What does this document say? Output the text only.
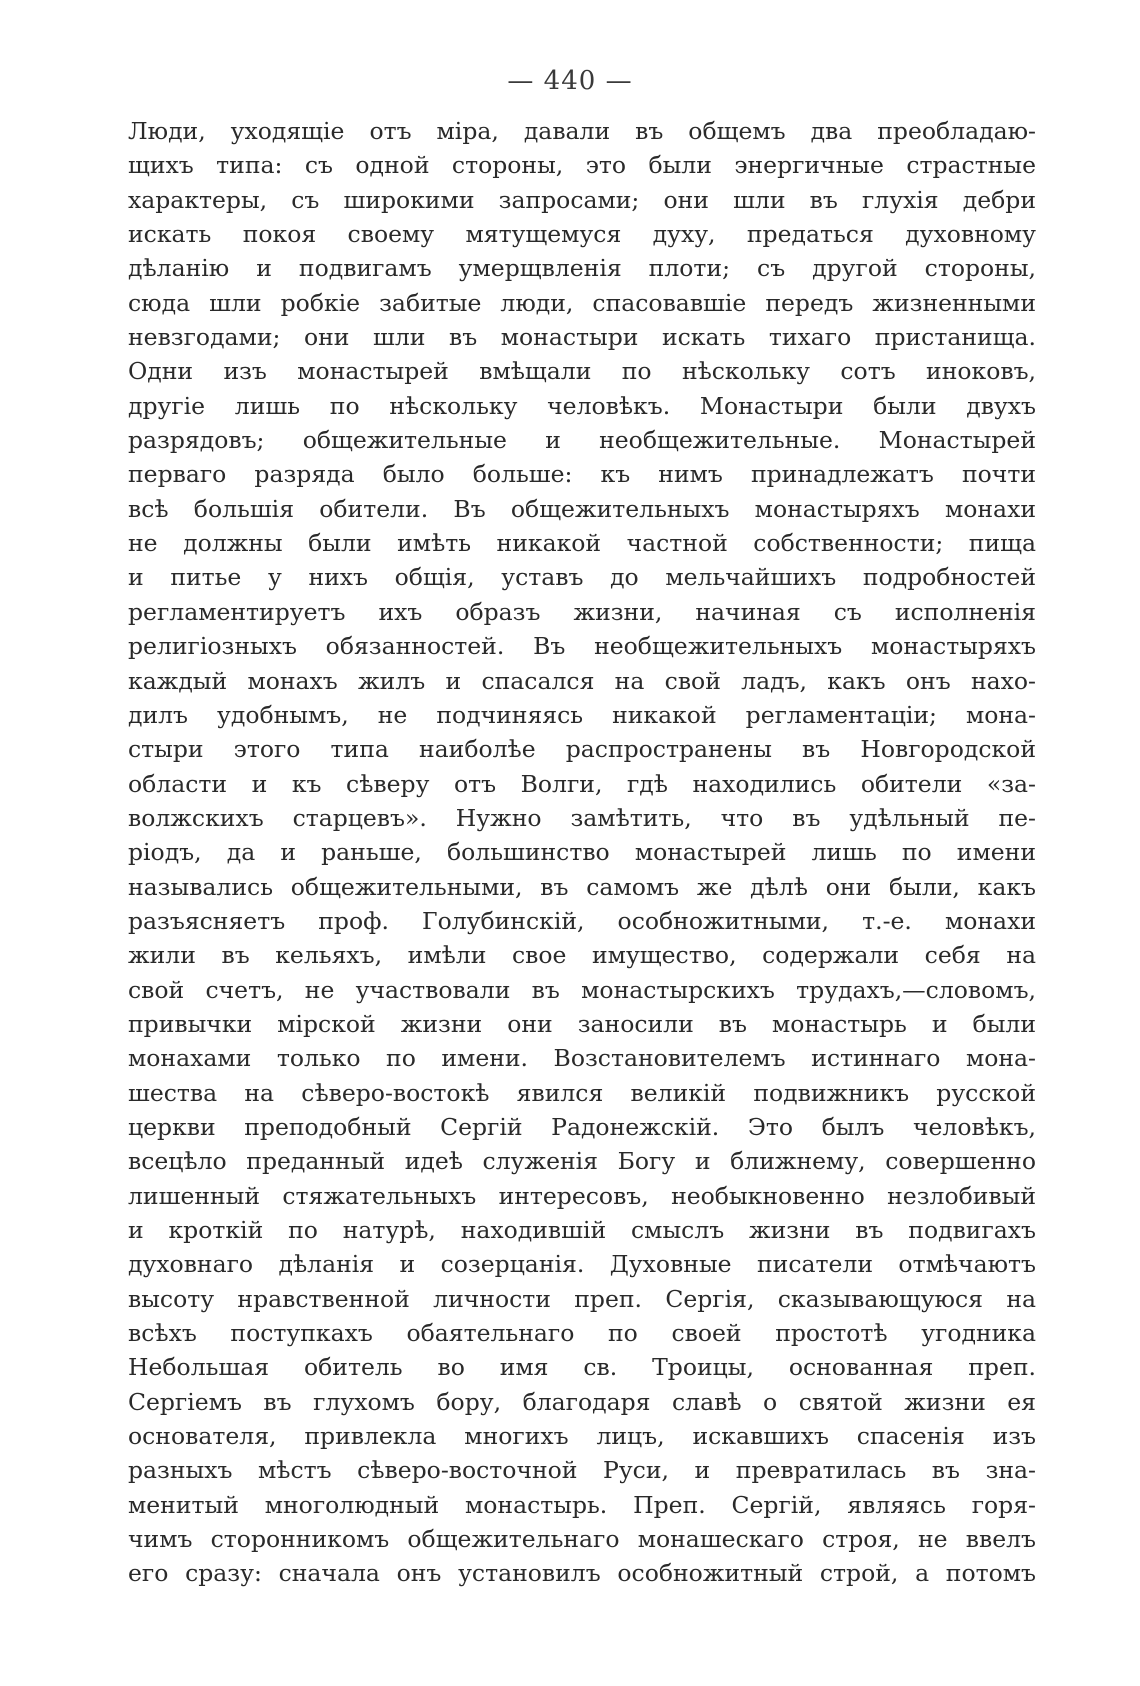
— 440 —
Люди, уходящіе отъ міра, давали въ общемъ два преобладаю-
щихъ типа: съ одной стороны, это были энергичные страстные
характеры, съ широкими запросами; они шли въ глухія дебри
искать покоя своему мятущемуся духу, предаться духовному
дѣланію и подвигамъ умерщвленія плоти; съ другой стороны,
сюда шли робкіе забитые люди, спасовавшіе передъ жизненными
невзгодами; они шли въ монастыри искать тихаго пристанища.
Одни изъ монастырей вмѣщали по нѣскольку сотъ иноковъ,
другіе лишь по нѣскольку человѣкъ. Монастыри были двухъ
разрядовъ; общежительные и необщежительные. Монастырей
перваго разряда было больше: къ нимъ принадлежатъ почти
всѣ большія обители. Въ общежительныхъ монастыряхъ монахи
не должны были имѣть никакой частной собственности; пища
и питье у нихъ общія, уставъ до мельчайшихъ подробностей
регламентируетъ ихъ образъ жизни, начиная съ исполненія
религіозныхъ обязанностей. Въ необщежительныхъ монастыряхъ
каждый монахъ жилъ и спасался на свой ладъ, какъ онъ нахо-
дилъ удобнымъ, не подчиняясь никакой регламентаціи; мона-
стыри этого типа наиболѣе распространены въ Новгородской
области и къ сѣверу отъ Волги, гдѣ находились обители «за-
волжскихъ старцевъ». Нужно замѣтить, что въ удѣльный пе-
ріодъ, да и раньше, большинство монастырей лишь по имени
назывались общежительными, въ самомъ же дѣлѣ они были, какъ
разъясняетъ проф. Голубинскій, особножитными, т.-е. монахи
жили въ кельяхъ, имѣли свое имущество, содержали себя на
свой счетъ, не участвовали въ монастырскихъ трудахъ,—словомъ,
привычки мірской жизни они заносили въ монастырь и были
монахами только по имени. Возстановителемъ истиннаго мона-
шества на сѣверо-востокѣ явился великій подвижникъ русской
церкви преподобный Сергій Радонежскій. Это былъ человѣкъ,
всецѣло преданный идеѣ служенія Богу и ближнему, совершенно
лишенный стяжательныхъ интересовъ, необыкновенно незлобивый
и кроткій по натурѣ, находившій смыслъ жизни въ подвигахъ
духовнаго дѣланія и созерцанія. Духовные писатели отмѣчаютъ
высоту нравственной личности преп. Сергія, сказывающуюся на
всѣхъ поступкахъ обаятельнаго по своей простотѣ угодника
Небольшая обитель во имя св. Троицы, основанная преп.
Сергіемъ въ глухомъ бору, благодаря славѣ о святой жизни ея
основателя, привлекла многихъ лицъ, искавшихъ спасенія изъ
разныхъ мѣстъ сѣверо-восточной Руси, и превратилась въ зна-
менитый многолюдный монастырь. Преп. Сергій, являясь горя-
чимъ сторонникомъ общежительнаго монашескаго строя, не ввелъ
его сразу: сначала онъ установилъ особножитный строй, а потомъ
